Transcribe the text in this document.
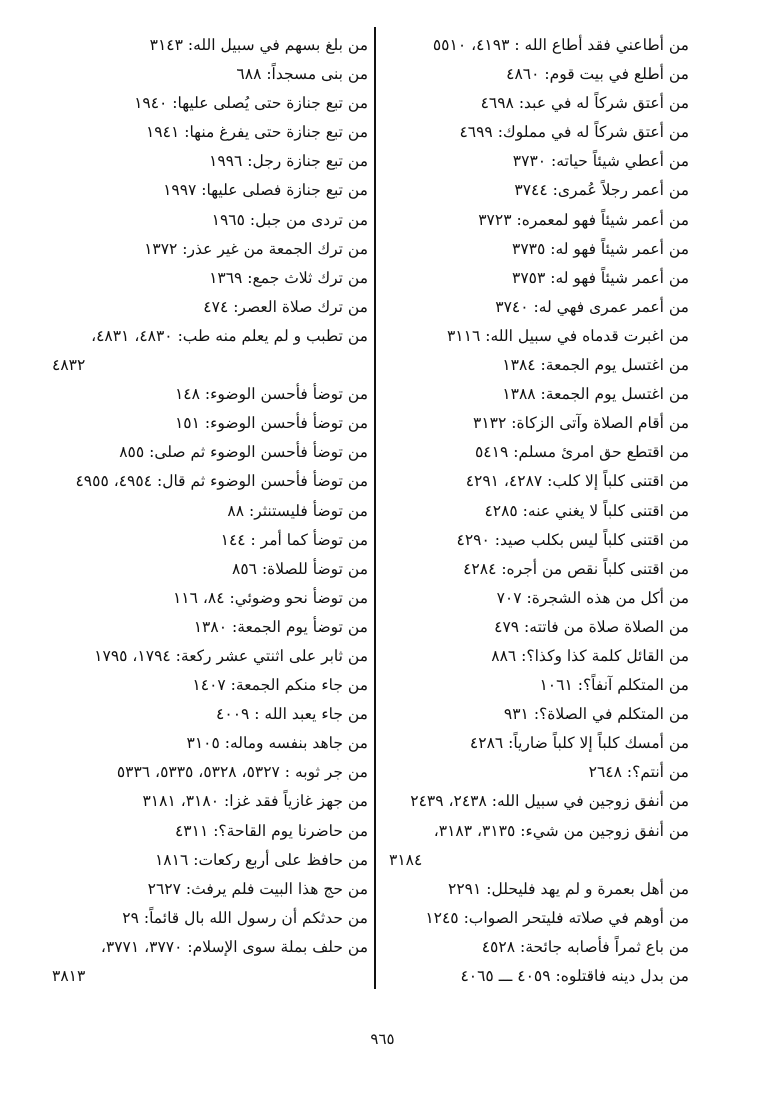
من أطاعني فقد أطاع الله : ٤١٩٣، ٥٥١٠
من أطلع في بيت قوم: ٤٨٦٠
من أعتق شركاً له في عبد: ٤٦٩٨
من أعتق شركاً له في مملوك: ٤٦٩٩
من أعطي شيئاً حياته: ٣٧٣٠
من أعمر رجلاً عُمرى: ٣٧٤٤
من أعمر شيئاً فهو لمعمره: ٣٧٢٣
من أعمر شيئاً فهو له: ٣٧٣٥
من أعمر شيئاً فهو له: ٣٧٥٣
من أعمر عمرى فهي له: ٣٧٤٠
من اغبرت قدماه في سبيل الله: ٣١١٦
من اغتسل يوم الجمعة: ١٣٨٤
من اغتسل يوم الجمعة: ١٣٨٨
من أقام الصلاة وآتى الزكاة: ٣١٣٢
من اقتطع حق امرئ مسلم: ٥٤١٩
من اقتنى كلباً إلا كلب: ٤٢٨٧، ٤٢٩١
من اقتنى كلباً لا يغني عنه: ٤٢٨٥
من اقتنى كلباً ليس بكلب صيد: ٤٢٩٠
من اقتنى كلباً نقص من أجره: ٤٢٨٤
من أكل من هذه الشجرة: ٧٠٧
من الصلاة صلاة من فاتته: ٤٧٩
من القائل كلمة كذا وكذا؟: ٨٨٦
من المتكلم آنفاً؟: ١٠٦١
من المتكلم في الصلاة؟: ٩٣١
من أمسك كلباً إلا كلباً ضارياً: ٤٢٨٦
من أنتم؟: ٢٦٤٨
من أنفق زوجين في سبيل الله: ٢٤٣٨، ٢٤٣٩
من أنفق زوجين من شيء: ٣١٣٥، ٣١٨٣،
٣١٨٤
من أهل بعمرة و لم يهد فليحلل: ٢٢٩١
من أوهم في صلاته فليتحر الصواب: ١٢٤٥
من باع ثمراً فأصابه جائحة: ٤٥٢٨
من بدل دينه فاقتلوه: ٤٠٥٩ ـــ ٤٠٦٥
من بلغ بسهم في سبيل الله: ٣١٤٣
من بنى مسجداً: ٦٨٨
من تبع جنازة حتى يُصلى عليها: ١٩٤٠
من تبع جنازة حتى يفرغ منها: ١٩٤١
من تبع جنازة رجل: ١٩٩٦
من تبع جنازة فصلى عليها: ١٩٩٧
من تردى من جبل: ١٩٦٥
من ترك الجمعة من غير عذر: ١٣٧٢
من ترك ثلاث جمع: ١٣٦٩
من ترك صلاة العصر: ٤٧٤
من تطبب و لم يعلم منه طب: ٤٨٣٠، ٤٨٣١،
٤٨٣٢
من توضأ فأحسن الوضوء: ١٤٨
من توضأ فأحسن الوضوء: ١٥١
من توضأ فأحسن الوضوء ثم صلى: ٨٥٥
من توضأ فأحسن الوضوء ثم قال: ٤٩٥٤، ٤٩٥٥
من توضأ فليستنثر: ٨٨
من توضأ كما أمر : ١٤٤
من توضأ للصلاة: ٨٥٦
من توضأ نحو وضوئي: ٨٤، ١١٦
من توضأ يوم الجمعة: ١٣٨٠
من ثابر على اثنتي عشر ركعة: ١٧٩٤، ١٧٩٥
من جاء منكم الجمعة: ١٤٠٧
من جاء يعبد الله : ٤٠٠٩
من جاهد بنفسه وماله: ٣١٠٥
من جر ثوبه : ٥٣٢٧، ٥٣٢٨، ٥٣٣٥، ٥٣٣٦
من جهز غازياً فقد غزا: ٣١٨٠، ٣١٨١
من حاضرنا يوم القاحة؟: ٤٣١١
من حافظ على أربع ركعات: ١٨١٦
من حج هذا البيت فلم يرفث: ٢٦٢٧
من حدثكم أن رسول الله بال قائماً: ٢٩
من حلف بملة سوى الإسلام: ٣٧٧٠، ٣٧٧١،
٣٨١٣
٩٦٥
